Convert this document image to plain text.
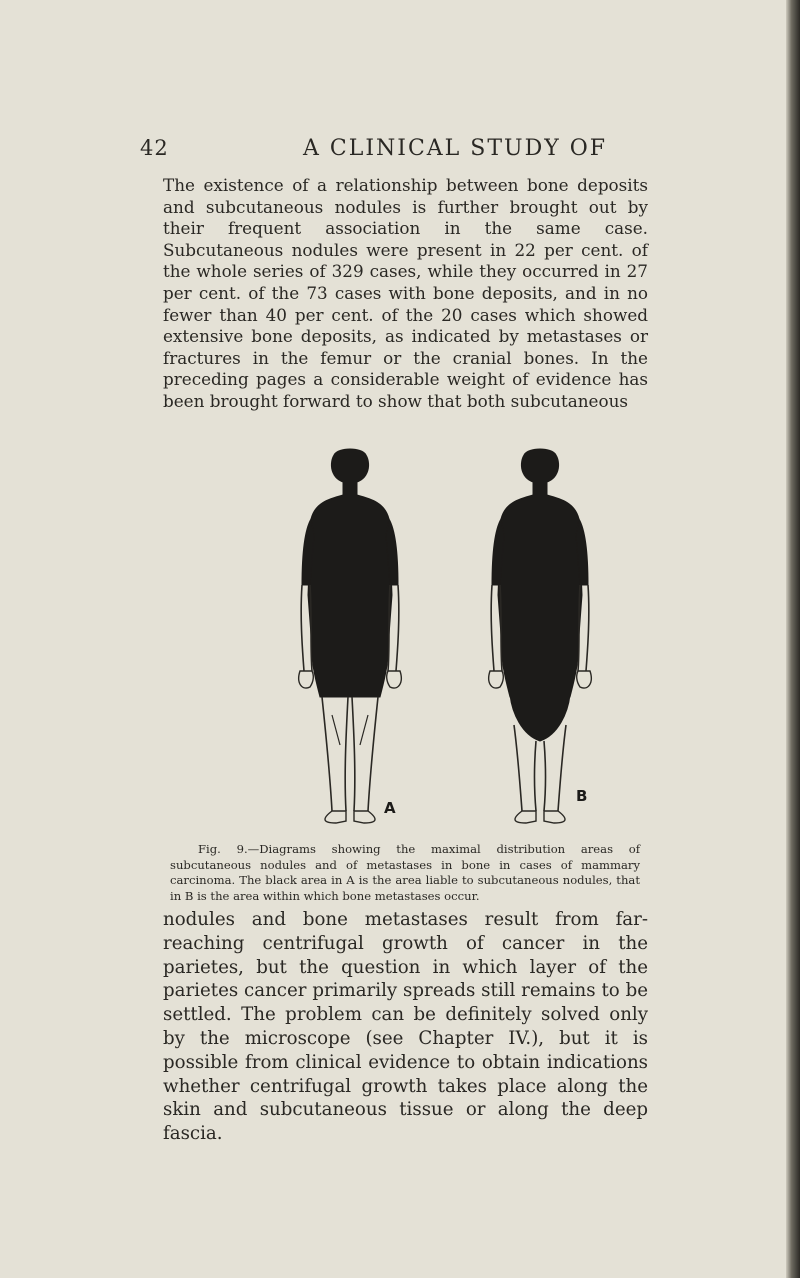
42	A CLINICAL STUDY OF

The existence of a relationship between bone deposits and subcutaneous nodules is further brought out by their frequent association in the same case. Subcutaneous nodules were present in 22 per cent. of the whole series of 329 cases, while they occurred in 27 per cent. of the 73 cases with bone deposits, and in no fewer than 40 per cent. of the 20 cases which showed extensive bone deposits, as indicated by metastases or fractures in the femur or the cranial bones. In the preceding pages a considerable weight of evidence has been brought forward to show that both subcutaneous

A
B

Fig. 9.—Diagrams showing the maximal distribution areas of subcutaneous nodules and of metastases in bone in cases of mammary carcinoma. The black area in A is the area liable to subcutaneous nodules, that in B is the area within which bone metastases occur.

nodules and bone metastases result from far-reaching centrifugal growth of cancer in the parietes, but the question in which layer of the parietes cancer primarily spreads still remains to be settled. The problem can be definitely solved only by the microscope (see Chapter IV.), but it is possible from clinical evidence to obtain indications whether centrifugal growth takes place along the skin and subcutaneous tissue or along the deep fascia.
